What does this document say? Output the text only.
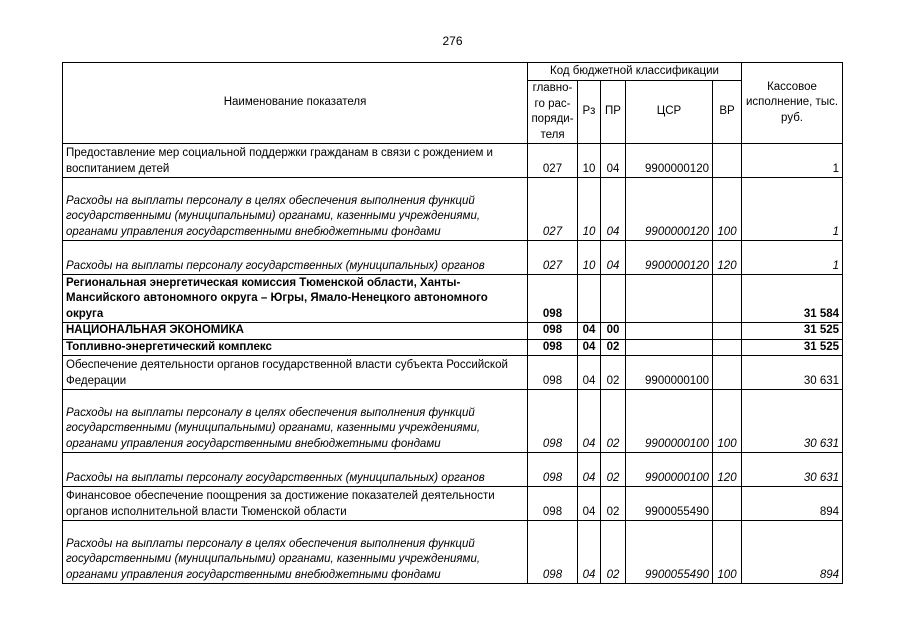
276
Наименование показателя	Код бюджетной классификации					Кассовое исполнение, тыс. руб.
	главно-го рас-поряди-теля	Рз	ПР	ЦСР	ВР	
Предоставление мер социальной поддержки гражданам в связи с рождением и воспитанием детей	027	10	04	9900000120		1
Расходы на выплаты персоналу в целях обеспечения выполнения функций государственными (муниципальными) органами, казенными учреждениями, органами управления государственными внебюджетными фондами	027	10	04	9900000120	100	1
Расходы на выплаты персоналу государственных (муниципальных) органов	027	10	04	9900000120	120	1
Региональная энергетическая комиссия Тюменской области, Ханты-Мансийского автономного округа – Югры, Ямало-Ненецкого автономного округа	098					31 584
НАЦИОНАЛЬНАЯ ЭКОНОМИКА	098	04	00			31 525
Топливно-энергетический комплекс	098	04	02			31 525
Обеспечение деятельности органов государственной власти субъекта Российской Федерации	098	04	02	9900000100		30 631
Расходы на выплаты персоналу в целях обеспечения выполнения функций государственными (муниципальными) органами, казенными учреждениями, органами управления государственными внебюджетными фондами	098	04	02	9900000100	100	30 631
Расходы на выплаты персоналу государственных (муниципальных) органов	098	04	02	9900000100	120	30 631
Финансовое обеспечение поощрения за достижение показателей деятельности органов исполнительной власти Тюменской области	098	04	02	9900055490		894
Расходы на выплаты персоналу в целях обеспечения выполнения функций государственными (муниципальными) органами, казенными учреждениями, органами управления государственными внебюджетными фондами	098	04	02	9900055490	100	894
